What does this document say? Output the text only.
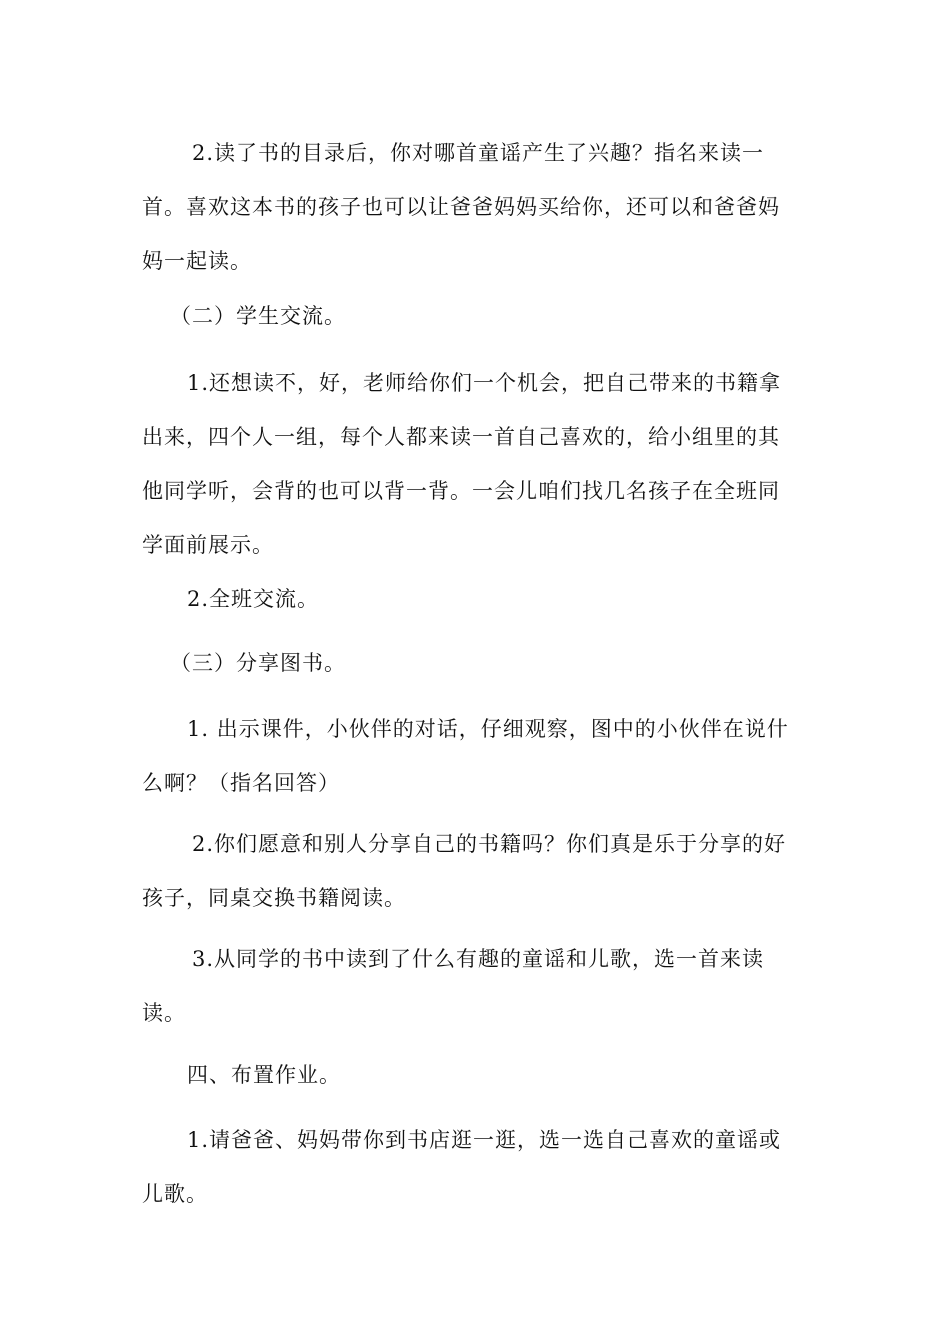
2.读了书的目录后，你对哪首童谣产生了兴趣？指名来读一
首。喜欢这本书的孩子也可以让爸爸妈妈买给你，还可以和爸爸妈
妈一起读。
（二）学生交流。
1.还想读不，好，老师给你们一个机会，把自己带来的书籍拿
出来，四个人一组，每个人都来读一首自己喜欢的，给小组里的其
他同学听，会背的也可以背一背。一会儿咱们找几名孩子在全班同
学面前展示。
2.全班交流。
（三）分享图书。
1. 出示课件，小伙伴的对话，仔细观察，图中的小伙伴在说什
么啊？（指名回答）
2.你们愿意和别人分享自己的书籍吗？你们真是乐于分享的好
孩子，同桌交换书籍阅读。
3.从同学的书中读到了什么有趣的童谣和儿歌，选一首来读
读。
四、布置作业。
1.请爸爸、妈妈带你到书店逛一逛，选一选自己喜欢的童谣或
儿歌。
